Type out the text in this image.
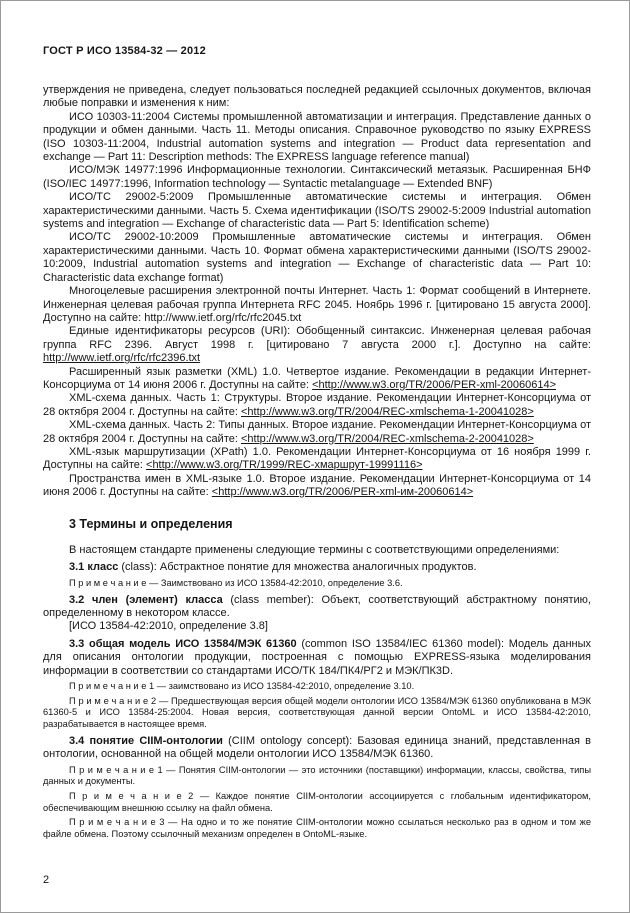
ГОСТ Р ИСО 13584-32 — 2012

утверждения не приведена, следует пользоваться последней редакцией ссылочных документов, включая любые поправки и изменения к ним:

ИСО 10303-11:2004 Системы промышленной автоматизации и интеграция. Представление данных о продукции и обмен данными. Часть 11. Методы описания. Справочное руководство по языку EXPRESS (ISO 10303-11:2004, Industrial automation systems and integration — Product data representation and exchange — Part 11: Description methods: The EXPRESS language reference manual)

ИСО/МЭК 14977:1996 Информационные технологии. Синтаксический метаязык. Расширенная БНФ (ISO/IEC 14977:1996, Information technology — Syntactic metalanguage — Extended BNF)

ИСО/ТС 29002-5:2009 Промышленные автоматические системы и интеграция. Обмен характеристическими данными. Часть 5. Схема идентификации (ISO/TS 29002-5:2009 Industrial automation systems and integration — Exchange of characteristic data — Part 5: Identification scheme)

ИСО/ТС 29002-10:2009 Промышленные автоматические системы и интеграция. Обмен характеристическими данными. Часть 10. Формат обмена характеристическими данными (ISO/TS 29002-10:2009, Industrial automation systems and integration — Exchange of characteristic data — Part 10: Characteristic data exchange format)

Многоцелевые расширения электронной почты Интернет. Часть 1: Формат сообщений в Интернете. Инженерная целевая рабочая группа Интернета RFC 2045. Ноябрь 1996 г. [цитировано 15 августа 2000]. Доступно на сайте: http://www.ietf.org/rfc/rfc2045.txt

Единые идентификаторы ресурсов (URI): Обобщенный синтаксис. Инженерная целевая рабочая группа RFC 2396. Август 1998 г. [цитировано 7 августа 2000 г.]. Доступно на сайте: http://www.ietf.org/rfc/rfc2396.txt

Расширенный язык разметки (XML) 1.0. Четвертое издание. Рекомендации в редакции Интернет-Консорциума от 14 июня 2006 г. Доступны на сайте: <http://www.w3.org/TR/2006/PER-xml-20060614>

XML-схема данных. Часть 1: Структуры. Второе издание. Рекомендации Интернет-Консорциума от 28 октября 2004 г. Доступны на сайте: <http://www.w3.org/TR/2004/REC-xmlschema-1-20041028>

XML-схема данных. Часть 2: Типы данных. Второе издание. Рекомендации Интернет-Консорциума от 28 октября 2004 г. Доступны на сайте: <http://www.w3.org/TR/2004/REC-xmlschema-2-20041028>

XML-язык маршрутизации (XPath) 1.0. Рекомендации Интернет-Консорциума от 16 ноября 1999 г. Доступны на сайте: <http://www.w3.org/TR/1999/REC-хмаршрут-19991116>

Пространства имен в XML-языке 1.0. Второе издание. Рекомендации Интернет-Консорциума от 14 июня 2006 г. Доступны на сайте: <http://www.w3.org/TR/2006/PER-xml-им-20060614>

3 Термины и определения

В настоящем стандарте применены следующие термины с соответствующими определениями:

3.1 класс (class): Абстрактное понятие для множества аналогичных продуктов.

П р и м е ч а н и е — Заимствовано из ИСО 13584-42:2010, определение 3.6.

3.2 член (элемент) класса (class member): Объект, соответствующий абстрактному понятию, определенному в некотором классе.

[ИСО 13584-42:2010, определение 3.8]

3.3 общая модель ИСО 13584/МЭК 61360 (common ISO 13584/IEC 61360 model): Модель данных для описания онтологии продукции, построенная с помощью EXPRESS-языка моделирования информации в соответствии со стандартами ИСО/ТК 184/ПК4/РГ2 и МЭК/ПК3D.

П р и м е ч а н и е 1 — заимствовано из ИСО 13584-42:2010, определение 3.10.

П р и м е ч а н и е 2 — Предшествующая версия общей модели онтологии ИСО 13584/МЭК 61360 опубликована в МЭК 61360-5 и ИСО 13584-25:2004. Новая версия, соответствующая данной версии OntoML и ИСО 13584-42:2010, разрабатывается в настоящее время.

3.4 понятие CIIM-онтологии (CIIM ontology concept): Базовая единица знаний, представленная в онтологии, основанной на общей модели онтологии ИСО 13584/МЭК 61360.

П р и м е ч а н и е 1 — Понятия CIIM-онтологии — это источники (поставщики) информации, классы, свойства, типы данных и документы.

П р и м е ч а н и е 2 — Каждое понятие CIIM-онтологии ассоциируется с глобальным идентификатором, обеспечивающим внешнюю ссылку на файл обмена.

П р и м е ч а н и е 3 — На одно и то же понятие CIIM-онтологии можно ссылаться несколько раз в одном и том же файле обмена. Поэтому ссылочный механизм определен в OntoML-языке.

2
